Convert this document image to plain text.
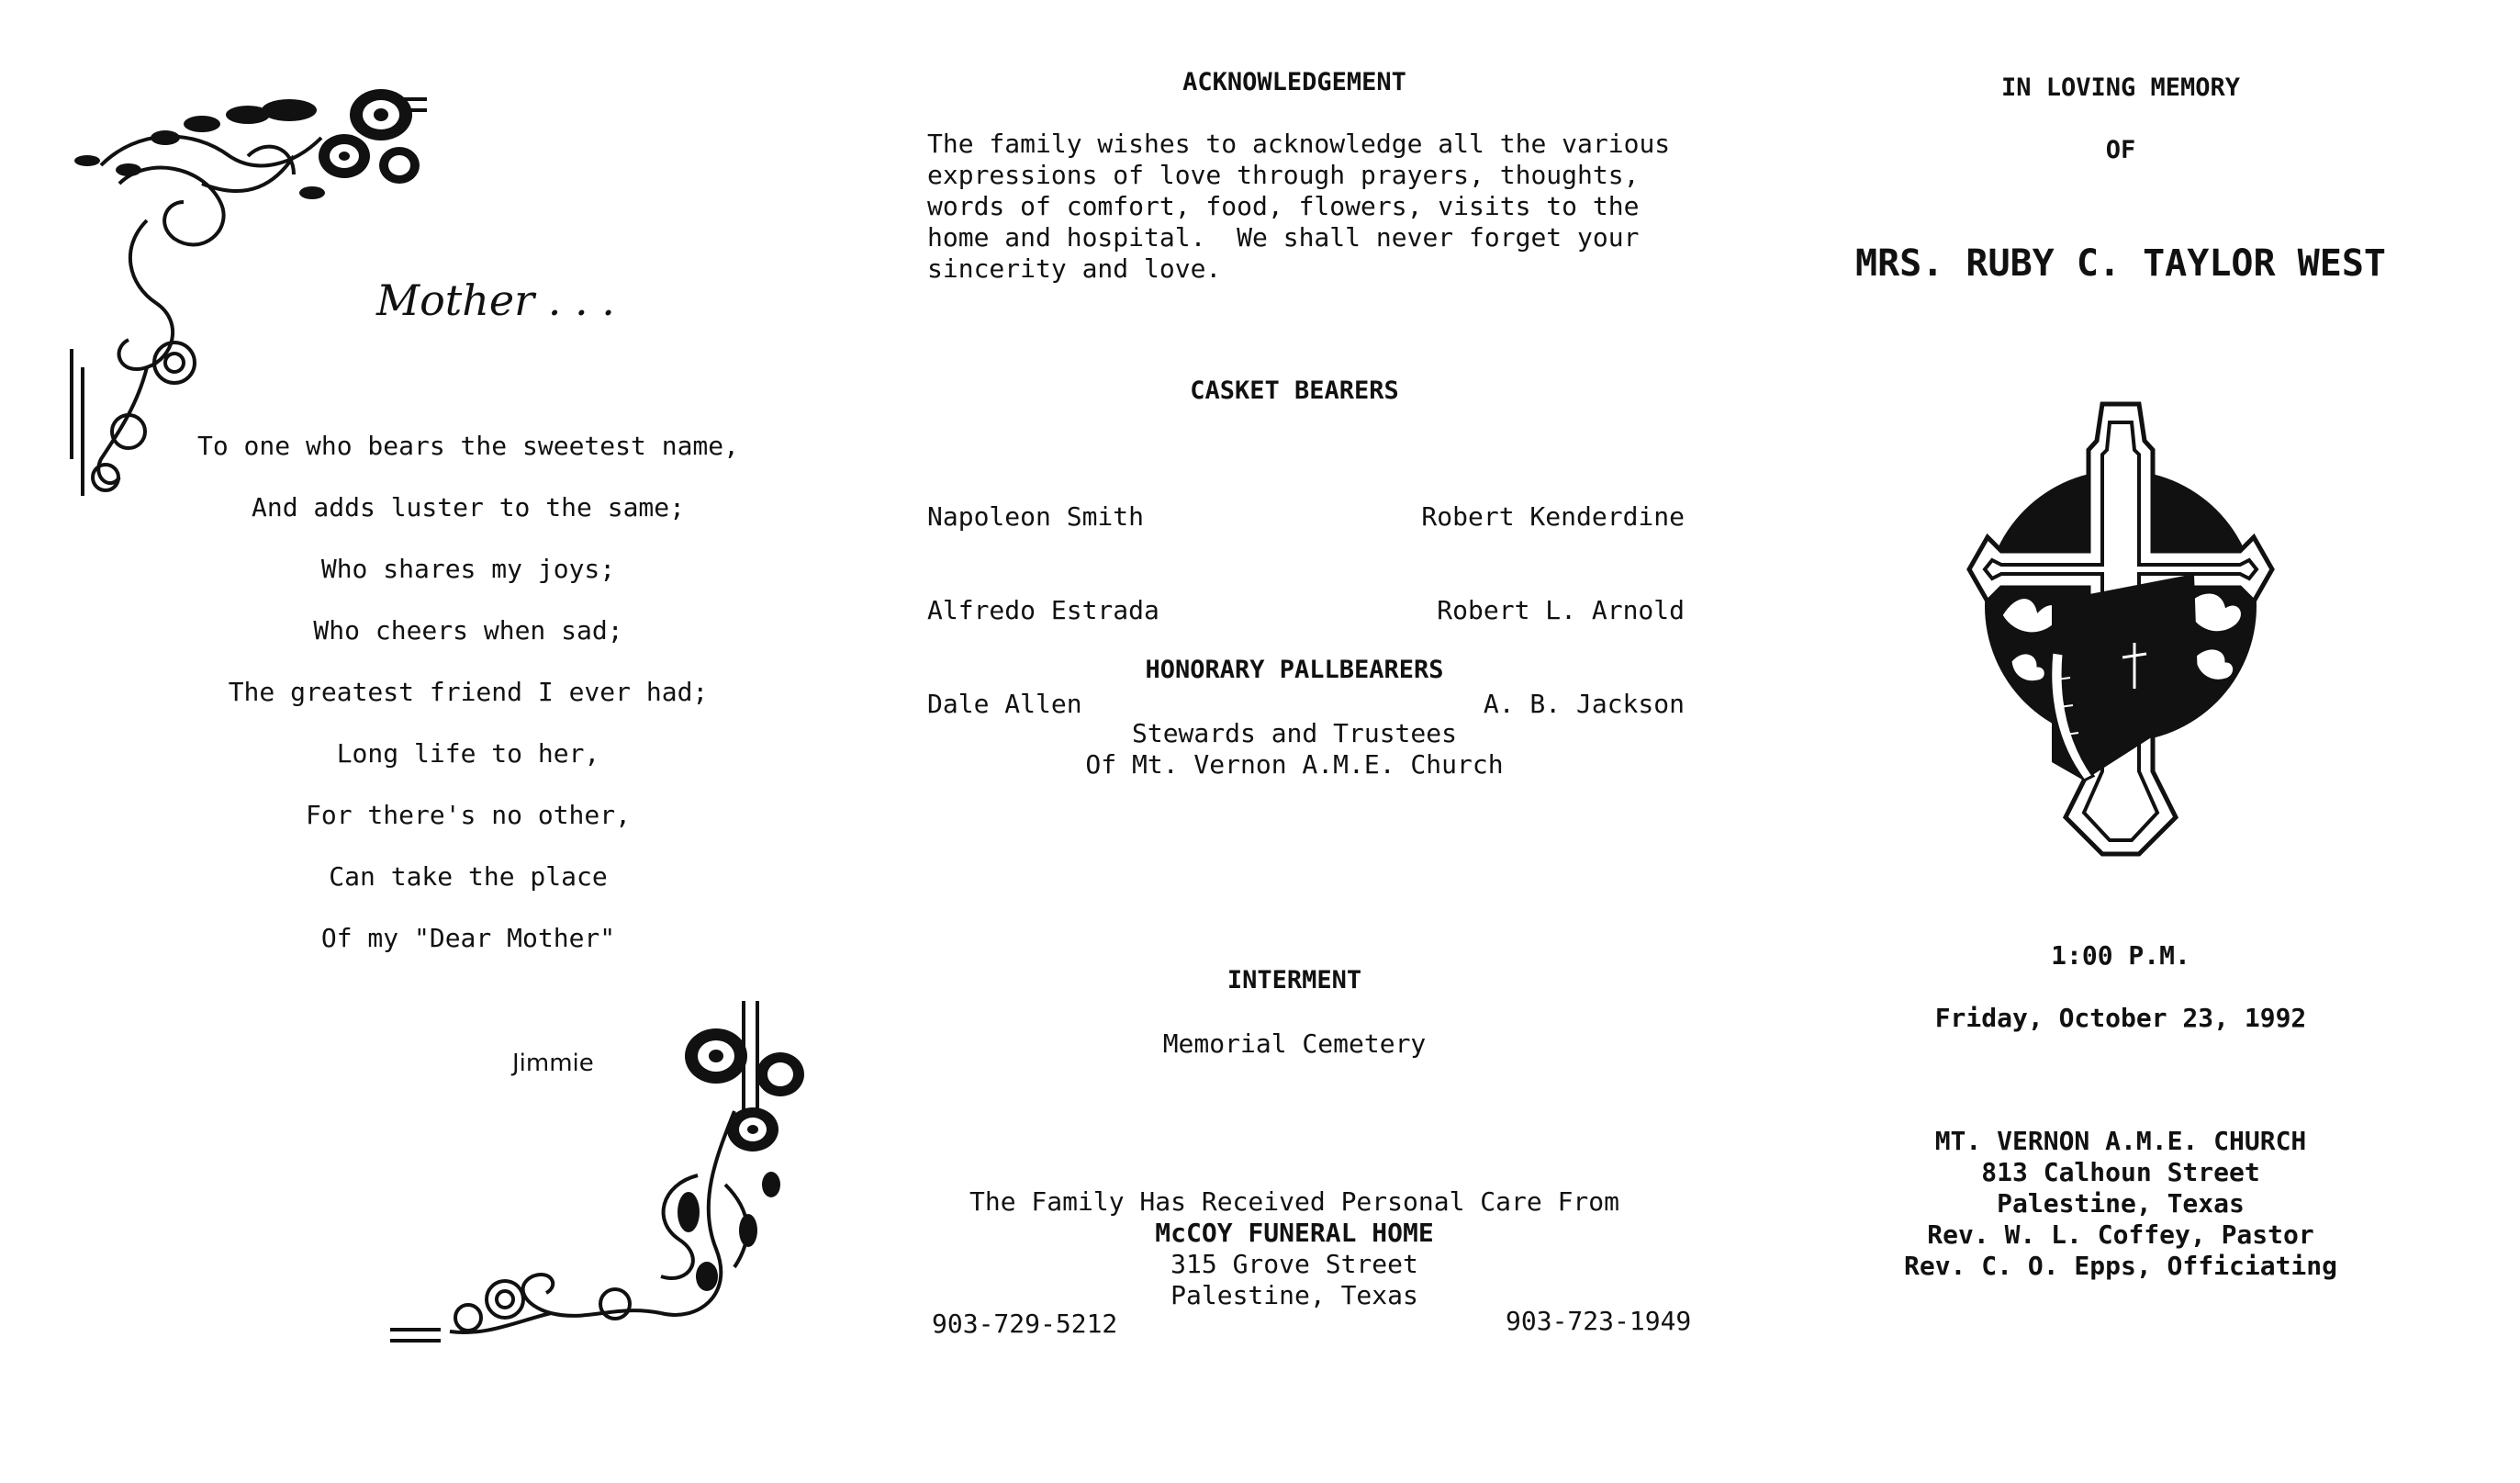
Mother . . .
To one who bears the sweetest name,
And adds luster to the same;
Who shares my joys;
Who cheers when sad;
The greatest friend I ever had;
Long life to her,
For there's no other,
Can take the place
Of my "Dear Mother"
Jimmie
ACKNOWLEDGEMENT
The family wishes to acknowledge all the various
expressions of love through prayers, thoughts,
words of comfort, food, flowers, visits to the
home and hospital.  We shall never forget your
sincerity and love.
CASKET BEARERS

Napoleon Smith

Alfredo Estrada

Dale Allen

Robert Kenderdine

Robert L. Arnold

A. B. Jackson

HONORARY PALLBEARERS
Stewards and Trustees
Of Mt. Vernon A.M.E. Church
INTERMENT
Memorial Cemetery
The Family Has Received Personal Care From
McCOY FUNERAL HOME
315 Grove Street
Palestine, Texas
903-729-5212	903-723-1949
IN LOVING MEMORY
OF
MRS. RUBY C. TAYLOR WEST
1:00 P.M.
Friday, October 23, 1992
MT. VERNON A.M.E. CHURCH
813 Calhoun Street
Palestine, Texas
Rev. W. L. Coffey, Pastor
Rev. C. O. Epps, Officiating
